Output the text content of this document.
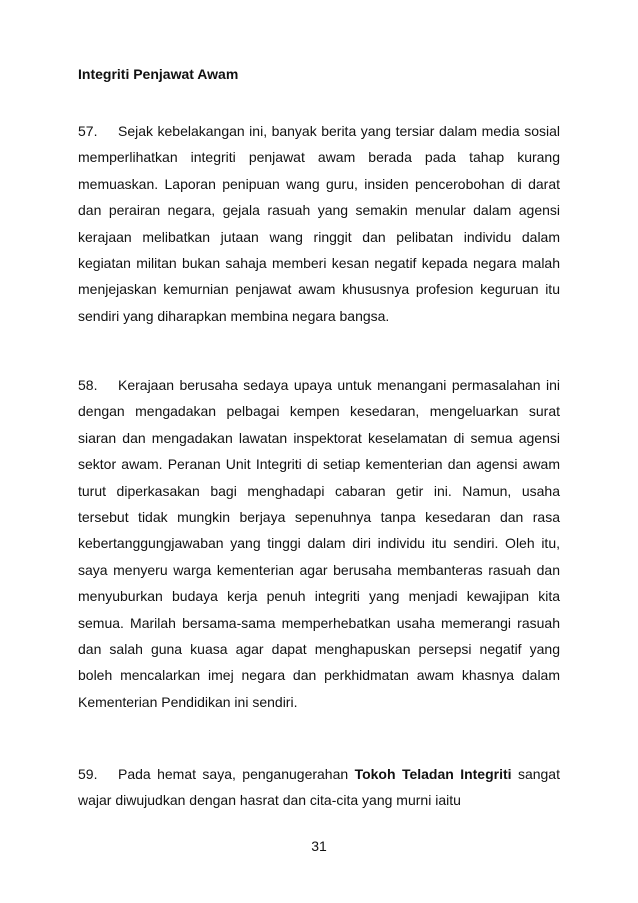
Integriti Penjawat Awam

57. Sejak kebelakangan ini, banyak berita yang tersiar dalam media sosial memperlihatkan integriti penjawat awam berada pada tahap kurang memuaskan. Laporan penipuan wang guru, insiden pencerobohan di darat dan perairan negara, gejala rasuah yang semakin menular dalam agensi kerajaan melibatkan jutaan wang ringgit dan pelibatan individu dalam kegiatan militan bukan sahaja memberi kesan negatif kepada negara malah menjejaskan kemurnian penjawat awam khususnya profesion keguruan itu sendiri yang diharapkan membina negara bangsa.

58. Kerajaan berusaha sedaya upaya untuk menangani permasalahan ini dengan mengadakan pelbagai kempen kesedaran, mengeluarkan surat siaran dan mengadakan lawatan inspektorat keselamatan di semua agensi sektor awam. Peranan Unit Integriti di setiap kementerian dan agensi awam turut diperkasakan bagi menghadapi cabaran getir ini. Namun, usaha tersebut tidak mungkin berjaya sepenuhnya tanpa kesedaran dan rasa kebertanggungjawaban yang tinggi dalam diri individu itu sendiri. Oleh itu, saya menyeru warga kementerian agar berusaha membanteras rasuah dan menyuburkan budaya kerja penuh integriti yang menjadi kewajipan kita semua. Marilah bersama-sama memperhebatkan usaha memerangi rasuah dan salah guna kuasa agar dapat menghapuskan persepsi negatif yang boleh mencalarkan imej negara dan perkhidmatan awam khasnya dalam Kementerian Pendidikan ini sendiri.

59. Pada hemat saya, penganugerahan Tokoh Teladan Integriti sangat wajar diwujudkan dengan hasrat dan cita-cita yang murni iaitu

31
